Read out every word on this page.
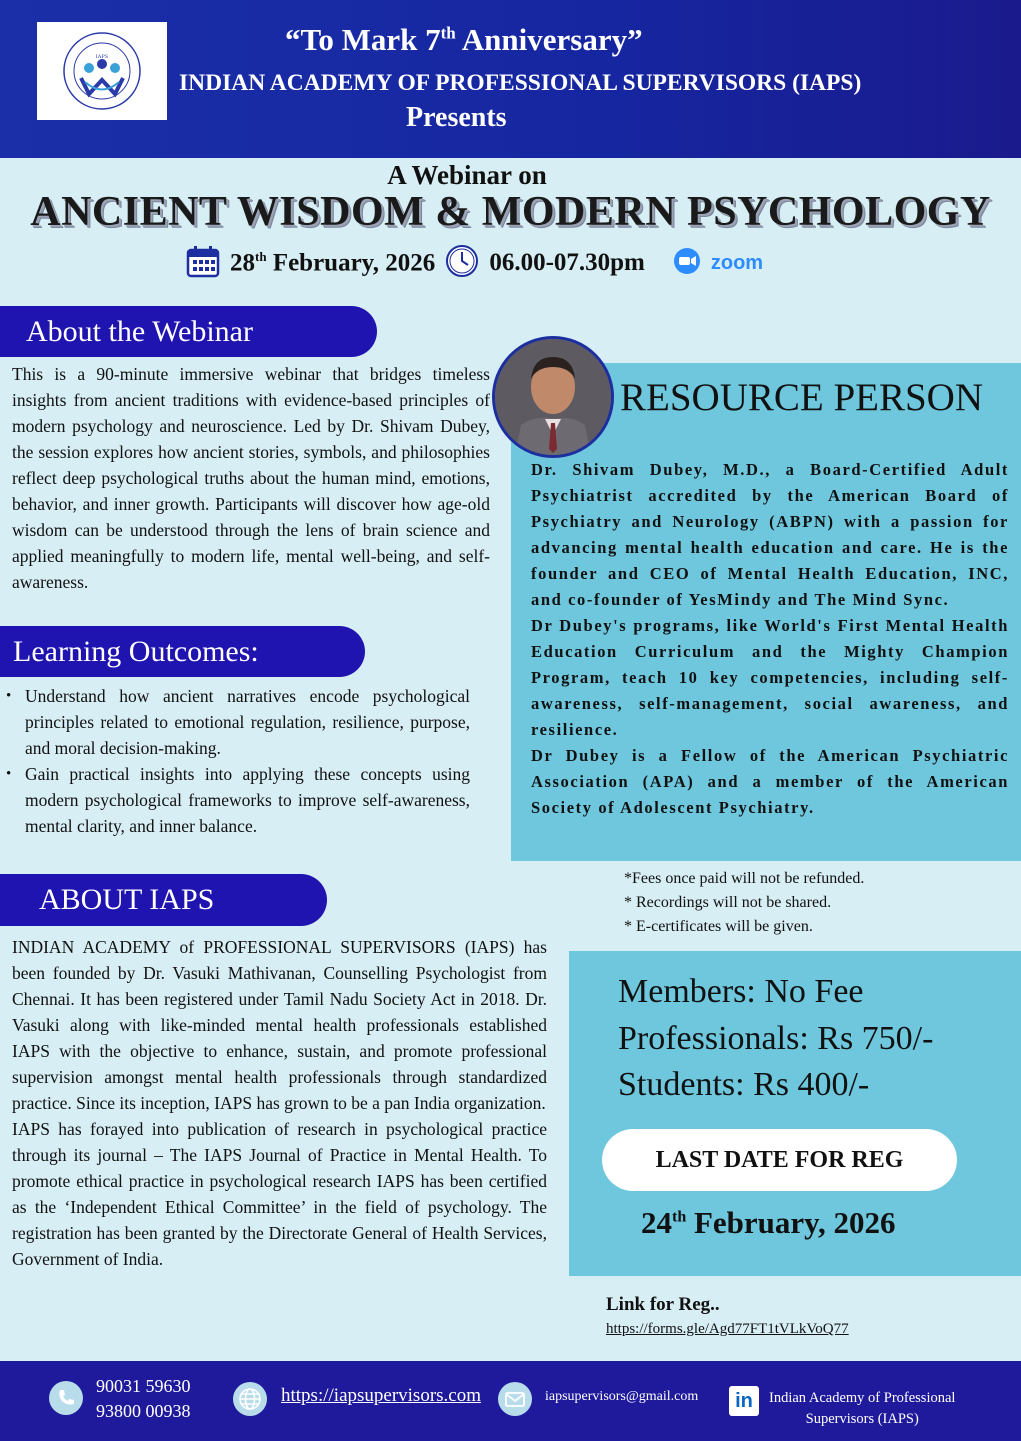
IAPS	“To Mark 7th Anniversary”
INDIAN ACADEMY OF PROFESSIONAL SUPERVISORS (IAPS)
Presents
A Webinar on
ANCIENT WISDOM & MODERN PSYCHOLOGY
28th February, 2026 06.00-07.30pm	zoom
About the Webinar
This is a 90-minute immersive webinar that bridges timeless insights from ancient traditions with evidence-based principles of modern psychology and neuroscience. Led by Dr. Shivam Dubey, the session explores how ancient stories, symbols, and philosophies reflect deep psychological truths about the human mind, emotions, behavior, and inner growth. Participants will discover how age-old wisdom can be understood through the lens of brain science and applied meaningfully to modern life, mental well-being, and self-awareness.
Learning Outcomes:
• Understand how ancient narratives encode psychological principles related to emotional regulation, resilience, purpose, and moral decision-making.
• Gain practical insights into applying these concepts using modern psychological frameworks to improve self-awareness, mental clarity, and inner balance.
RESOURCE PERSON

Dr. Shivam Dubey, M.D., a Board-Certified Adult Psychiatrist accredited by the American Board of Psychiatry and Neurology (ABPN) with a passion for advancing mental health education and care. He is the founder and CEO of Mental Health Education, INC, and co-founder of YesMindy and The Mind Sync.

Dr Dubey's programs, like World's First Mental Health Education Curriculum and the Mighty Champion Program, teach 10 key competencies, including self-awareness, self-management, social awareness, and resilience.

Dr Dubey is a Fellow of the American Psychiatric Association (APA) and a member of the American Society of Adolescent Psychiatry.

ABOUT IAPS

INDIAN ACADEMY of PROFESSIONAL SUPERVISORS (IAPS) has been founded by Dr. Vasuki Mathivanan, Counselling Psychologist from Chennai. It has been registered under Tamil Nadu Society Act in 2018. Dr. Vasuki along with like-minded mental health professionals established IAPS with the objective to enhance, sustain, and promote professional supervision amongst mental health professionals through standardized practice. Since its inception, IAPS has grown to be a pan India organization.

IAPS has forayed into publication of research in psychological practice through its journal – The IAPS Journal of Practice in Mental Health. To promote ethical practice in psychological research IAPS has been certified as the ‘Independent Ethical Committee’ in the field of psychology. The registration has been granted by the Directorate General of Health Services, Government of India.

*Fees once paid will not be refunded.
* Recordings will not be shared.
* E-certificates will be given.
Members: No Fee
Professionals: Rs 750/-
Students: Rs 400/-
LAST DATE FOR REG
24th February, 2026
Link for Reg..
https://forms.gle/Agd77FT1tVLkVoQ77
90031 59630
93800 00938
https://iapsupervisors.com	iapsupervisors@gmail.com in Indian Academy of Professional
Supervisors (IAPS)
